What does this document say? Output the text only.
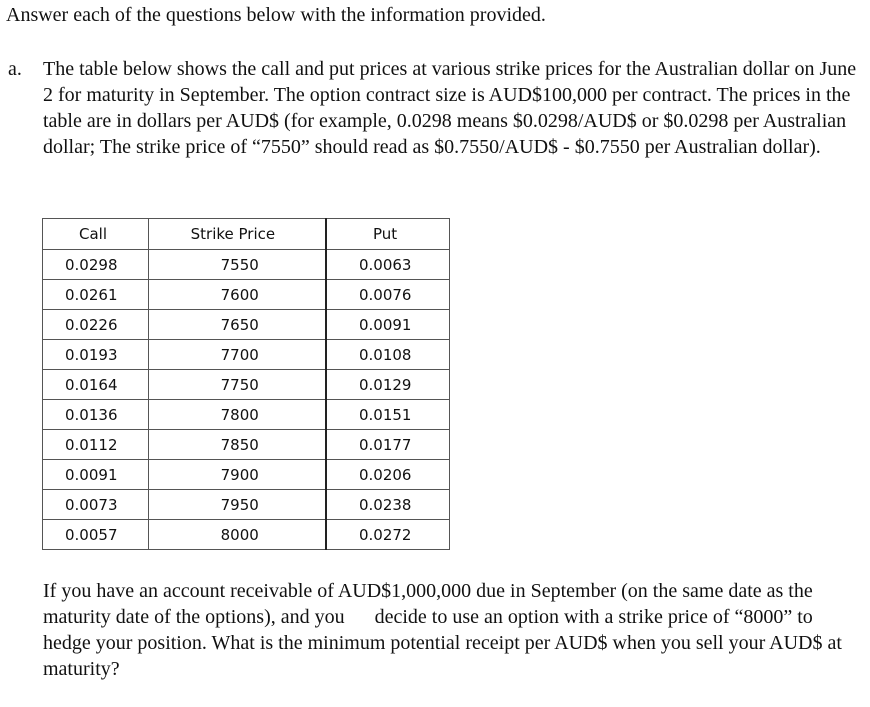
Answer each of the questions below with the information provided.

a. The table below shows the call and put prices at various strike prices for the Australian dollar on June 2 for maturity in September. The option contract size is AUD$100,000 per contract. The prices in the table are in dollars per AUD$ (for example, 0.0298 means $0.0298/AUD$ or $0.0298 per Australian dollar; The strike price of “7550” should read as $0.7550/AUD$ - $0.7550 per Australian dollar).

Call	Strike Price	Put
0.0298	7550	0.0063
0.0261	7600	0.0076
0.0226	7650	0.0091
0.0193	7700	0.0108
0.0164	7750	0.0129
0.0136	7800	0.0151
0.0112	7850	0.0177
0.0091	7900	0.0206
0.0073	7950	0.0238
0.0057	8000	0.0272

If you have an account receivable of AUD$1,000,000 due in September (on the same date as the maturity date of the options), and you      decide to use an option with a strike price of “8000” to hedge your position. What is the minimum potential receipt per AUD$ when you sell your AUD$ at maturity?
